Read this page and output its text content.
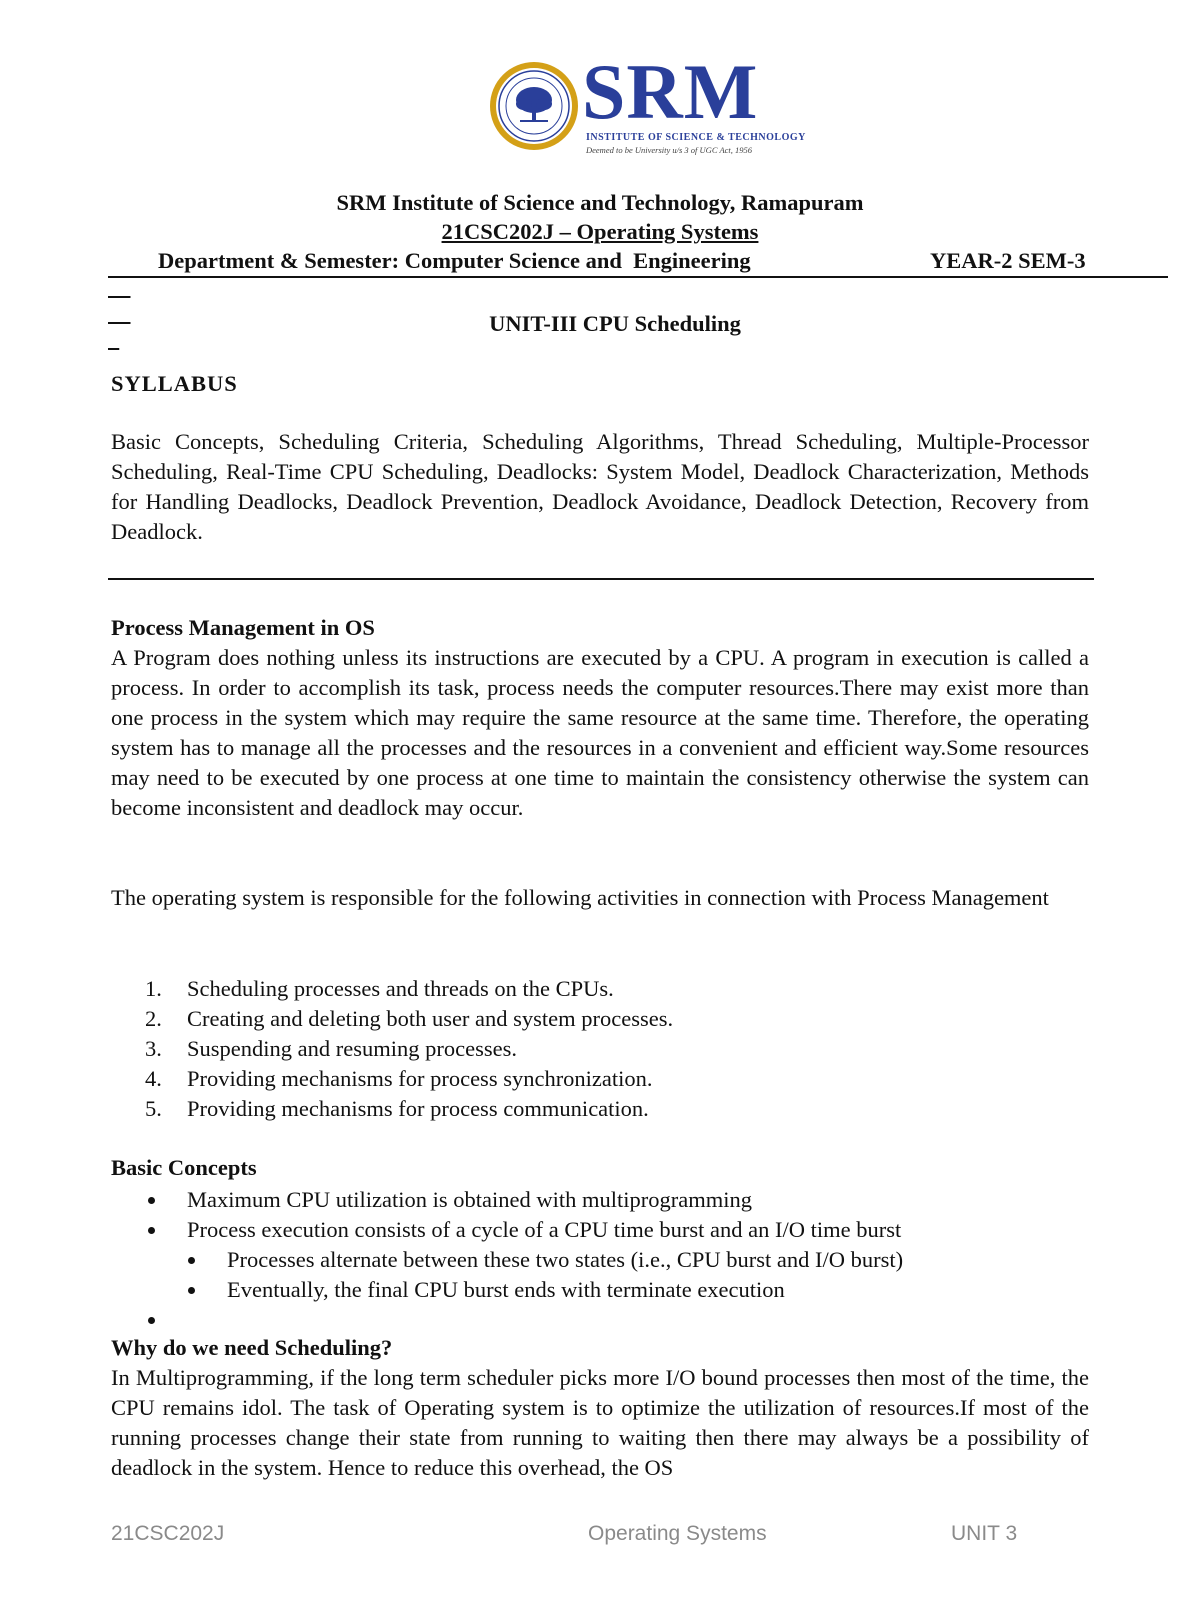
SRM
INSTITUTE OF SCIENCE & TECHNOLOGY
Deemed to be University u/s 3 of UGC Act, 1956
SRM Institute of Science and Technology, Ramapuram
21CSC202J – Operating Systems

Department & Semester: Computer Science and  Engineering

	YEAR-2 SEM-3

UNIT-III CPU Scheduling
SYLLABUS
Basic Concepts, Scheduling Criteria, Scheduling Algorithms, Thread Scheduling, Multiple-Processor Scheduling, Real-Time CPU Scheduling, Deadlocks: System Model, Deadlock Characterization, Methods for Handling Deadlocks, Deadlock Prevention, Deadlock Avoidance, Deadlock Detection, Recovery from Deadlock.
Process Management in OS
A Program does nothing unless its instructions are executed by a CPU. A program in execution is called a process. In order to accomplish its task, process needs the computer resources.There may exist more than one process in the system which may require the same resource at the same time. Therefore, the operating system has to manage all the processes and the resources in a convenient and efficient way.Some resources may need to be executed by one process at one time to maintain the consistency otherwise the system can become inconsistent and deadlock may occur.
The operating system is responsible for the following activities in connection with Process Management
1. Scheduling processes and threads on the CPUs.
2. Creating and deleting both user and system processes.
3. Suspending and resuming processes.
4. Providing mechanisms for process synchronization.
5. Providing mechanisms for process communication.
Basic Concepts
Maximum CPU utilization is obtained with multiprogramming
Process execution consists of a cycle of a CPU time burst and an I/O time burst
Processes alternate between these two states (i.e., CPU burst and I/O burst)
Eventually, the final CPU burst ends with terminate execution
Why do we need Scheduling?
In Multiprogramming, if the long term scheduler picks more I/O bound processes then most of the time, the CPU remains idol. The task of Operating system is to optimize the utilization of resources.If most of the running processes change their state from running to waiting then there may always be a possibility of deadlock in the system. Hence to reduce this overhead, the OS
21CSC202J	Operating Systems	UNIT 3
